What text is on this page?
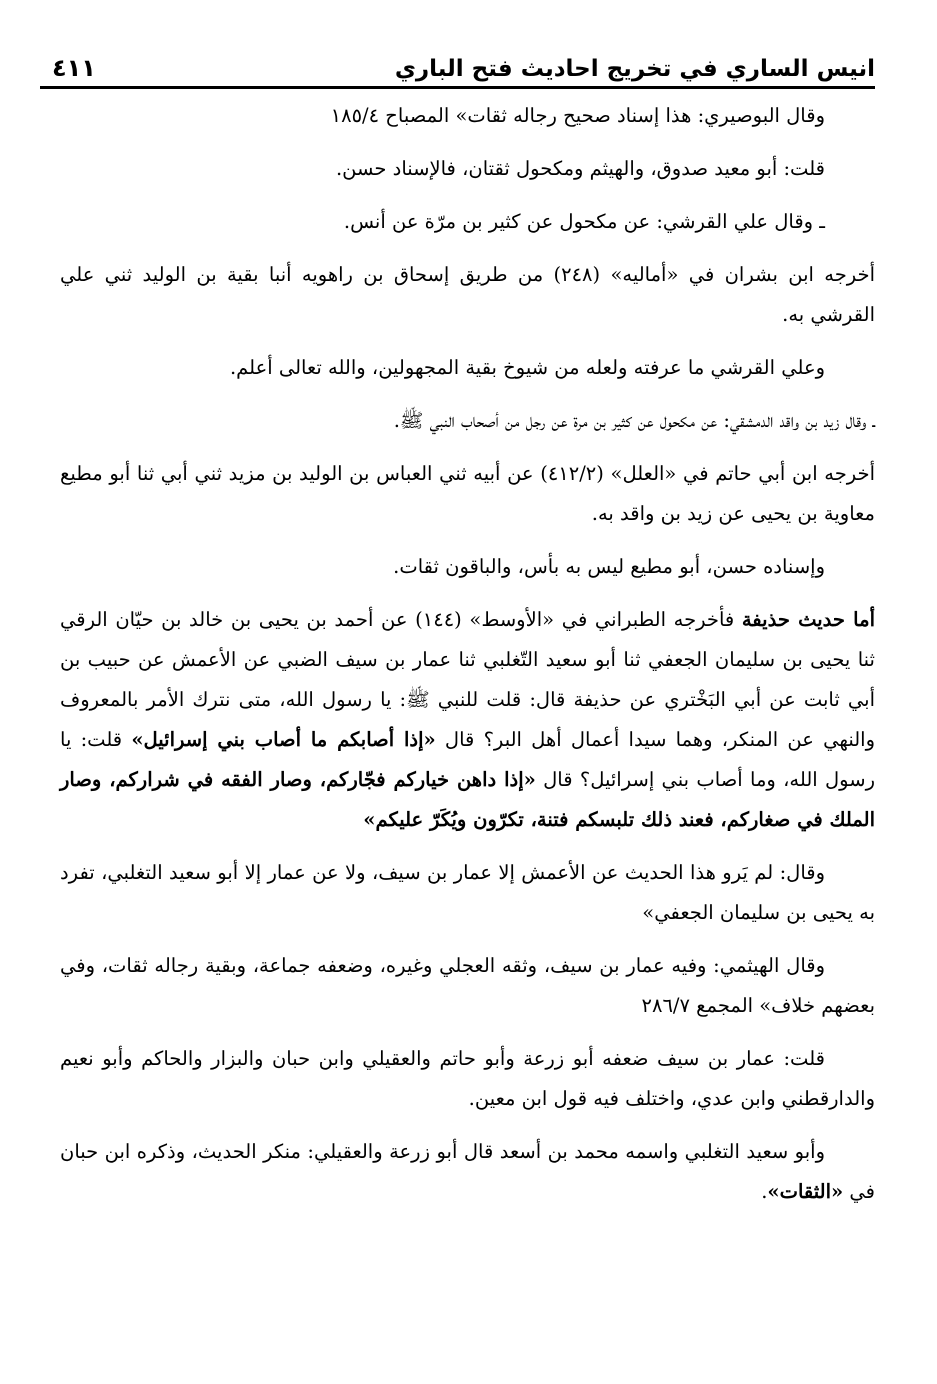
انيس الساري في تخريج احاديث فتح الباري
٤١١

وقال البوصيري: هذا إسناد صحيح رجاله ثقات» المصباح ١٨٥/٤

قلت: أبو معيد صدوق، والهيثم ومكحول ثقتان، فالإسناد حسن.

ـ وقال علي القرشي: عن مكحول عن كثير بن مرّة عن أنس.

أخرجه ابن بشران في «أماليه» (٢٤٨) من طريق إسحاق بن راهويه أنبا بقية بن الوليد ثني علي القرشي به.

وعلي القرشي ما عرفته ولعله من شيوخ بقية المجهولين، والله تعالى أعلم.

ـ وقال زيد بن واقد الدمشقي: عن مكحول عن كثير بن مرة عن رجل من أصحاب النبي ﷺ.

أخرجه ابن أبي حاتم في «العلل» (٤١٢/٢) عن أبيه ثني العباس بن الوليد بن مزيد ثني أبي ثنا أبو مطيع معاوية بن يحيى عن زيد بن واقد به.

وإسناده حسن، أبو مطيع ليس به بأس، والباقون ثقات.

أما حديث حذيفة فأخرجه الطبراني في «الأوسط» (١٤٤) عن أحمد بن يحيى بن خالد بن حيّان الرقي ثنا يحيى بن سليمان الجعفي ثنا أبو سعيد التّغلبي ثنا عمار بن سيف الضبي عن الأعمش عن حبيب بن أبي ثابت عن أبي البَخْتري عن حذيفة قال: قلت للنبي ﷺ: يا رسول الله، متى نترك الأمر بالمعروف والنهي عن المنكر، وهما سيدا أعمال أهل البر؟ قال «إذا أصابكم ما أصاب بني إسرائيل» قلت: يا رسول الله، وما أصاب بني إسرائيل؟ قال «إذا داهن خياركم فجّاركم، وصار الفقه في شراركم، وصار الملك في صغاركم، فعند ذلك تلبسكم فتنة، تكرّون ويُكَرّ عليكم»

وقال: لم يَرو هذا الحديث عن الأعمش إلا عمار بن سيف، ولا عن عمار إلا أبو سعيد التغلبي، تفرد به يحيى بن سليمان الجعفي»

وقال الهيثمي: وفيه عمار بن سيف، وثقه العجلي وغيره، وضعفه جماعة، وبقية رجاله ثقات، وفي بعضهم خلاف» المجمع ٢٨٦/٧

قلت: عمار بن سيف ضعفه أبو زرعة وأبو حاتم والعقيلي وابن حبان والبزار والحاكم وأبو نعيم والدارقطني وابن عدي، واختلف فيه قول ابن معين.

وأبو سعيد التغلبي واسمه محمد بن أسعد قال أبو زرعة والعقيلي: منكر الحديث، وذكره ابن حبان في «الثقات».
